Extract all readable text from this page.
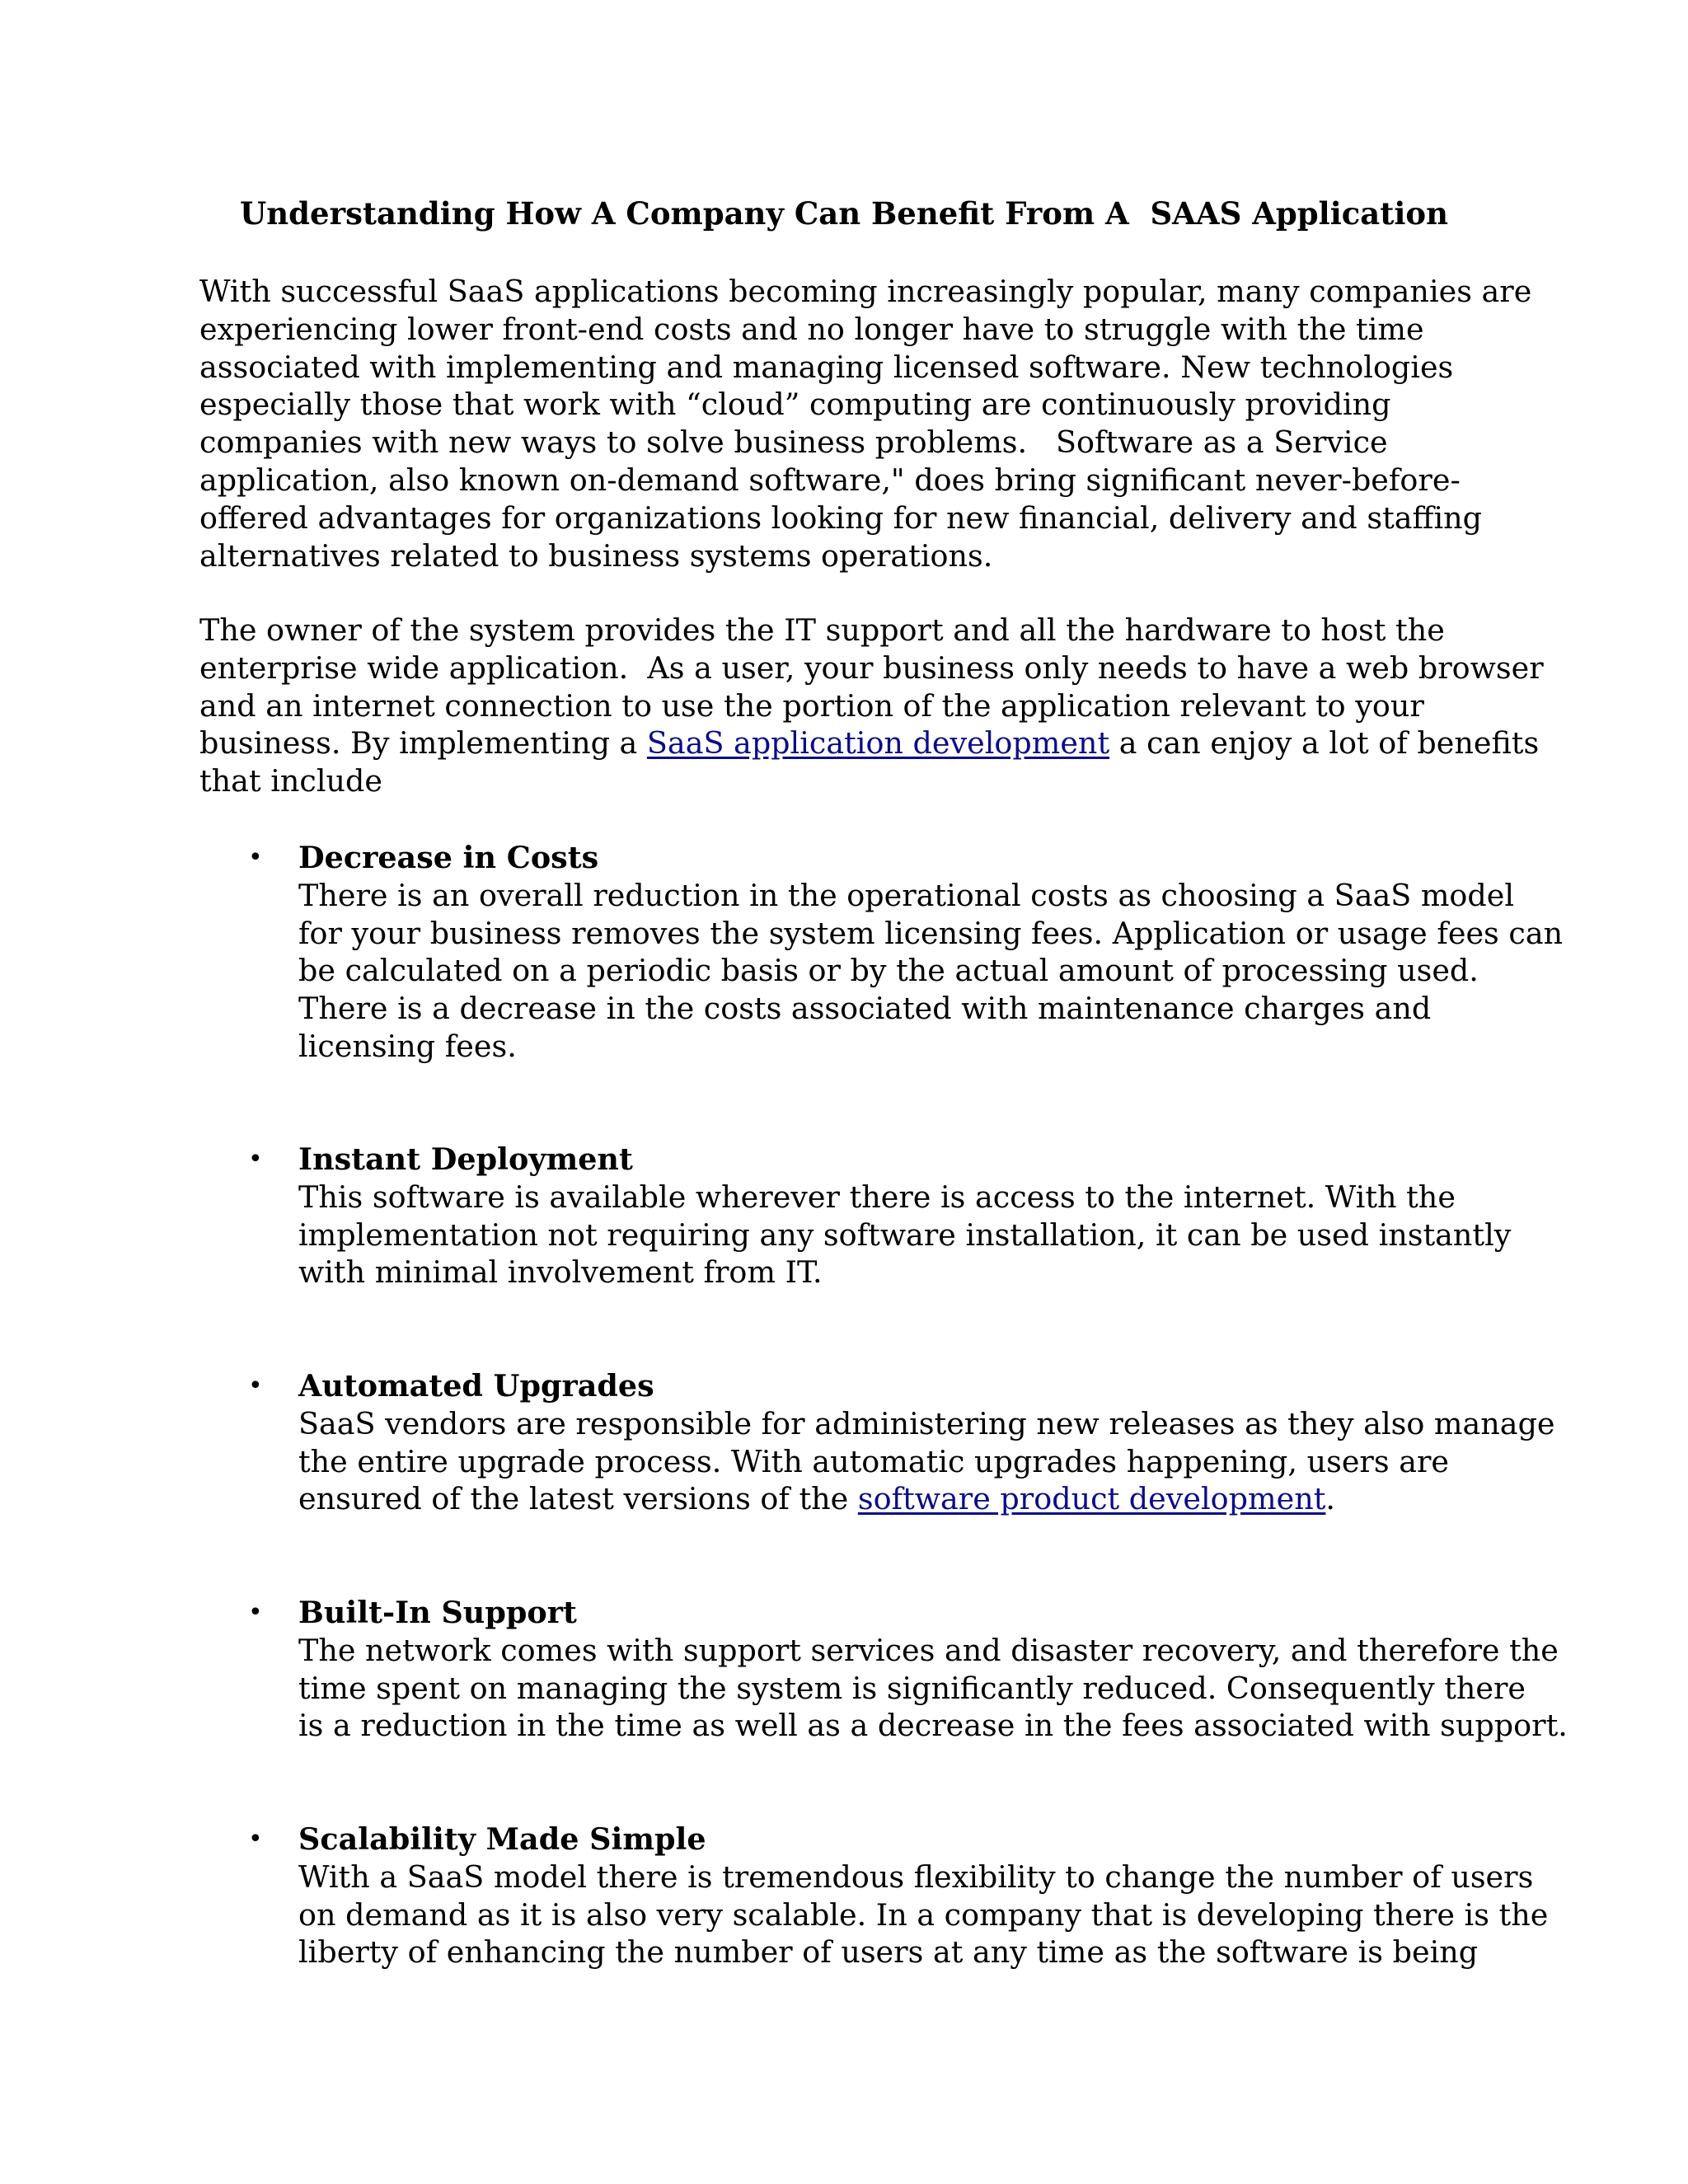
Understanding How A Company Can Benefit From A  SAAS Application

With successful SaaS applications becoming increasingly popular, many companies are
experiencing lower front-end costs and no longer have to struggle with the time
associated with implementing and managing licensed software. New technologies
especially those that work with “cloud” computing are continuously providing
companies with new ways to solve business problems.   Software as a Service
application, also known on-demand software," does bring significant never-before-
offered advantages for organizations looking for new financial, delivery and staffing
alternatives related to business systems operations.

The owner of the system provides the IT support and all the hardware to host the
enterprise wide application.  As a user, your business only needs to have a web browser
and an internet connection to use the portion of the application relevant to your
business. By implementing a SaaS application development a can enjoy a lot of benefits
that include

• Decrease in Costs
There is an overall reduction in the operational costs as choosing a SaaS model
for your business removes the system licensing fees. Application or usage fees can
be calculated on a periodic basis or by the actual amount of processing used.
There is a decrease in the costs associated with maintenance charges and
licensing fees.
• Instant Deployment
This software is available wherever there is access to the internet. With the
implementation not requiring any software installation, it can be used instantly
with minimal involvement from IT.
• Automated Upgrades
SaaS vendors are responsible for administering new releases as they also manage
the entire upgrade process. With automatic upgrades happening, users are
ensured of the latest versions of the software product development.
• Built-In Support
The network comes with support services and disaster recovery, and therefore the
time spent on managing the system is significantly reduced. Consequently there
is a reduction in the time as well as a decrease in the fees associated with support.
• Scalability Made Simple
With a SaaS model there is tremendous flexibility to change the number of users
on demand as it is also very scalable. In a company that is developing there is the
liberty of enhancing the number of users at any time as the software is being
